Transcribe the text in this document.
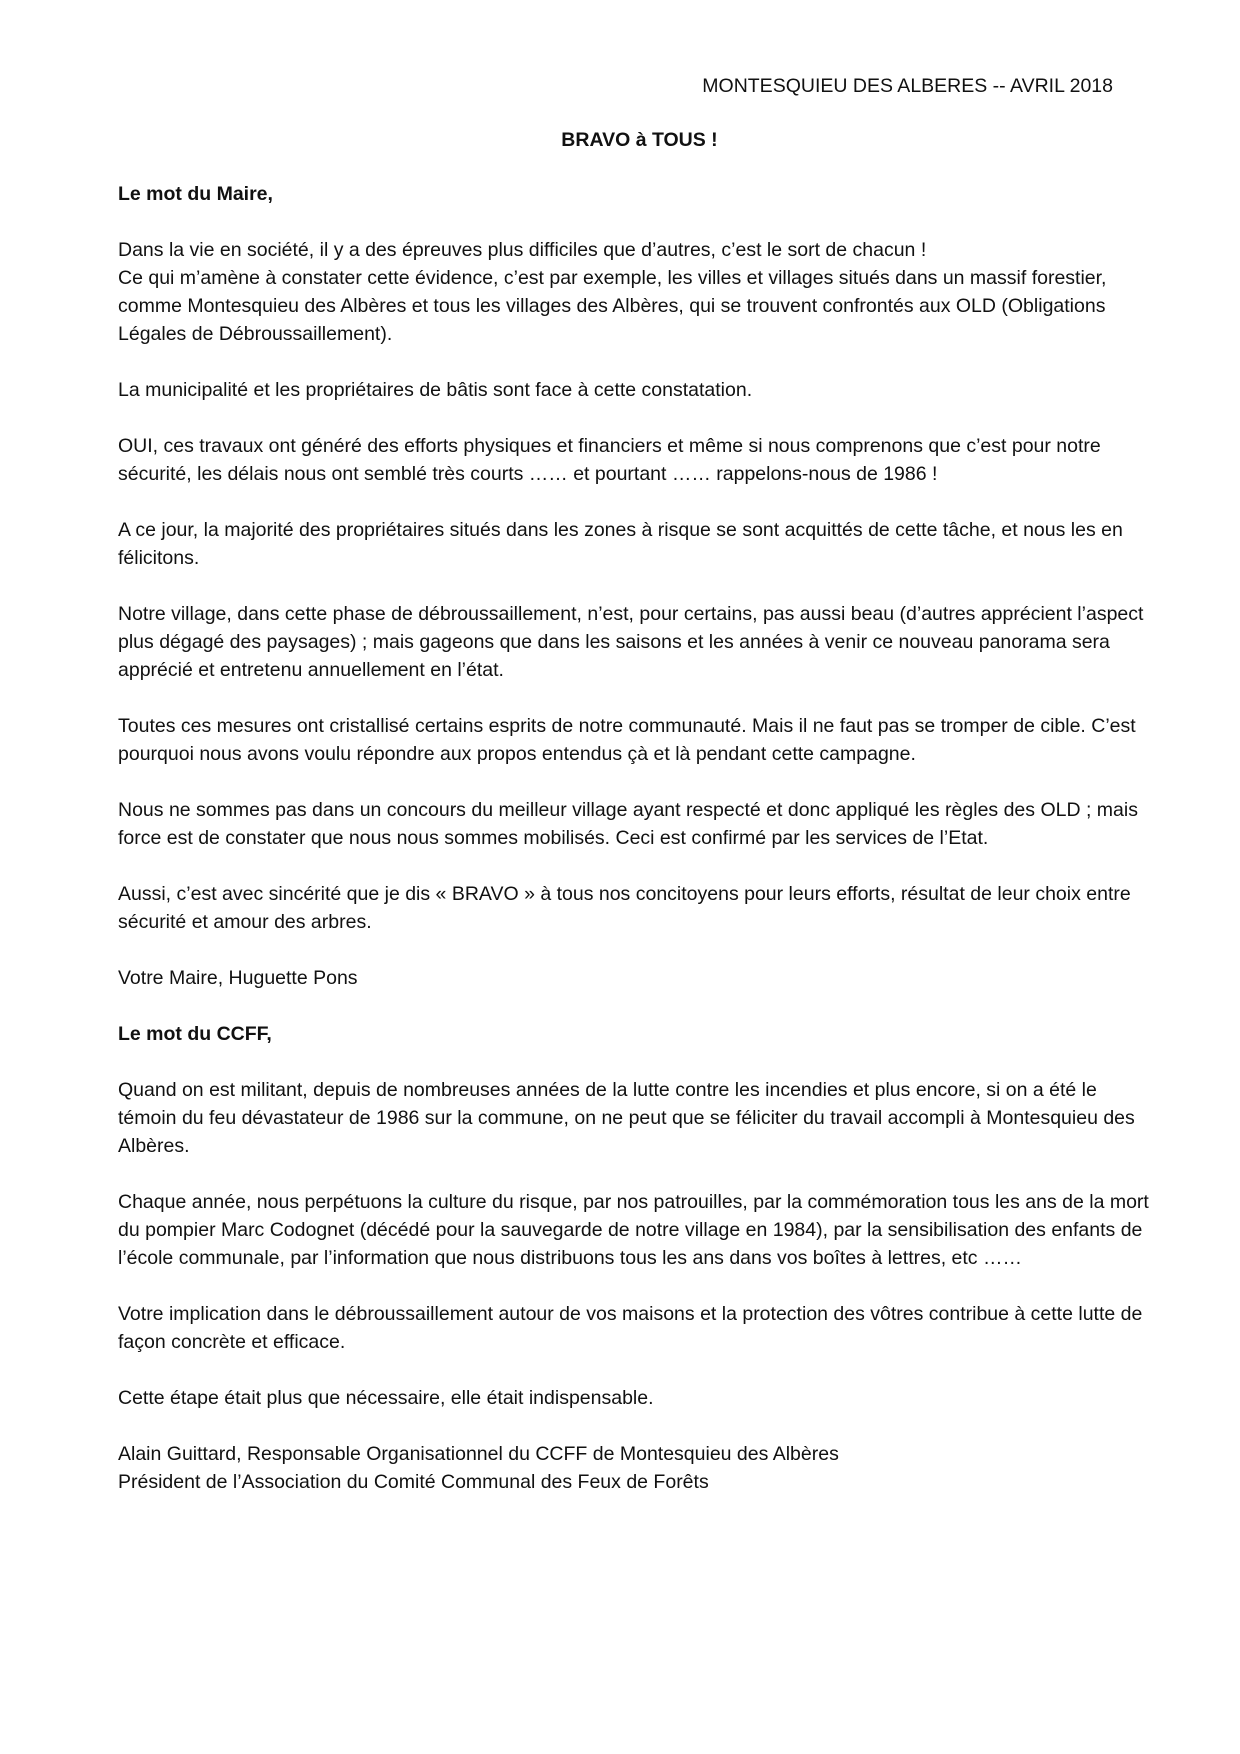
MONTESQUIEU DES ALBERES -- AVRIL 2018
BRAVO à TOUS !
Le mot du Maire,
Dans la vie en société, il y a des épreuves plus difficiles que d’autres, c’est le sort de chacun !
Ce qui m’amène à constater cette évidence, c’est par exemple, les villes et villages situés dans un massif forestier, comme Montesquieu des Albères et tous les villages des Albères, qui se trouvent confrontés aux OLD (Obligations Légales de Débroussaillement).

La municipalité et les propriétaires de bâtis sont face à cette constatation.

OUI, ces travaux ont généré des efforts physiques et financiers et même si nous comprenons que c’est pour notre sécurité, les délais nous ont semblé très courts …… et pourtant …… rappelons-nous de 1986 !

A ce jour, la majorité des propriétaires situés dans les zones à risque se sont acquittés de cette tâche, et nous les en félicitons.

Notre village, dans cette phase de débroussaillement, n’est, pour certains, pas aussi beau (d’autres apprécient l’aspect plus dégagé des paysages) ; mais gageons que dans les saisons et les années à venir ce nouveau panorama sera apprécié et entretenu annuellement en l’état.

Toutes ces mesures ont cristallisé certains esprits de notre communauté. Mais il ne faut pas se tromper de cible. C’est pourquoi nous avons voulu répondre aux propos entendus çà et là pendant cette campagne.

Nous ne sommes pas dans un concours du meilleur village ayant respecté et donc appliqué les règles des OLD ; mais force est de constater que nous nous sommes mobilisés. Ceci est confirmé par les services de l’Etat.

Aussi, c’est avec sincérité que je dis « BRAVO » à tous nos concitoyens pour leurs efforts, résultat de leur choix entre sécurité et amour des arbres.

Votre Maire, Huguette Pons

Le mot du CCFF,

Quand on est militant, depuis de nombreuses années de la lutte contre les incendies et plus encore, si on a été le témoin du feu dévastateur de 1986 sur la commune, on ne peut que se féliciter du travail accompli à Montesquieu des Albères.

Chaque année, nous perpétuons la culture du risque, par nos patrouilles, par la commémoration tous les ans de la mort du pompier Marc Codognet (décédé pour la sauvegarde de notre village en 1984), par la sensibilisation des enfants de l’école communale, par l’information que nous distribuons tous les ans dans vos boîtes à lettres, etc ……

Votre implication dans le débroussaillement autour de vos maisons et la protection des vôtres contribue à cette lutte de façon concrète et efficace.

Cette étape était plus que nécessaire, elle était indispensable.

Alain Guittard, Responsable Organisationnel du CCFF de Montesquieu des Albères

Président de l’Association du Comité Communal des Feux de Forêts
